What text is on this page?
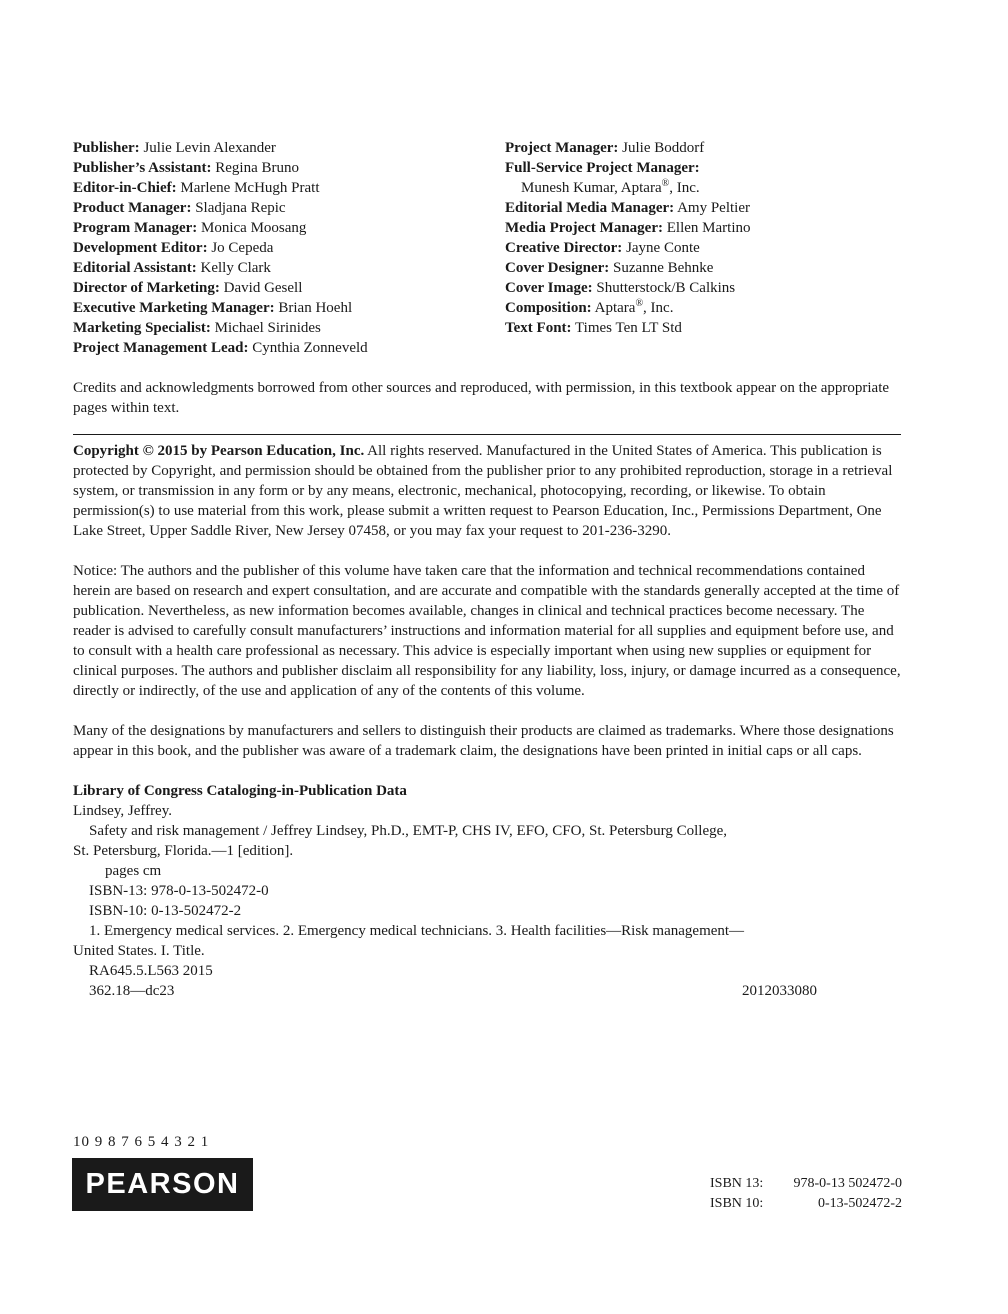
Publisher: Julie Levin Alexander
Publisher’s Assistant: Regina Bruno
Editor-in-Chief: Marlene McHugh Pratt
Product Manager: Sladjana Repic
Program Manager: Monica Moosang
Development Editor: Jo Cepeda
Editorial Assistant: Kelly Clark
Director of Marketing: David Gesell
Executive Marketing Manager: Brian Hoehl
Marketing Specialist: Michael Sirinides
Project Management Lead: Cynthia Zonneveld
Project Manager: Julie Boddorf
Full-Service Project Manager:
Munesh Kumar, Aptara®, Inc.
Editorial Media Manager: Amy Peltier
Media Project Manager: Ellen Martino
Creative Director: Jayne Conte
Cover Designer: Suzanne Behnke
Cover Image: Shutterstock/B Calkins
Composition: Aptara®, Inc.
Text Font: Times Ten LT Std

Credits and acknowledgments borrowed from other sources and reproduced, with permission, in this textbook appear on the appropriate pages within text.

Copyright © 2015 by Pearson Education, Inc. All rights reserved. Manufactured in the United States of America. This publication is protected by Copyright, and permission should be obtained from the publisher prior to any prohibited reproduction, storage in a retrieval system, or transmission in any form or by any means, electronic, mechanical, photocopying, recording, or likewise. To obtain permission(s) to use material from this work, please submit a written request to Pearson Education, Inc., Permissions Department, One Lake Street, Upper Saddle River, New Jersey 07458, or you may fax your request to 201-236-3290.

Notice: The authors and the publisher of this volume have taken care that the information and technical recommendations contained herein are based on research and expert consultation, and are accurate and compatible with the standards generally accepted at the time of publication. Nevertheless, as new information becomes available, changes in clinical and technical practices become necessary. The reader is advised to carefully consult manufacturers’ instructions and information material for all supplies and equipment before use, and to consult with a health care professional as necessary. This advice is especially important when using new supplies or equipment for clinical purposes. The authors and publisher disclaim all responsibility for any liability, loss, injury, or damage incurred as a consequence, directly or indirectly, of the use and application of any of the contents of this volume.

Many of the designations by manufacturers and sellers to distinguish their products are claimed as trademarks. Where those designations appear in this book, and the publisher was aware of a trademark claim, the designations have been printed in initial caps or all caps.

Library of Congress Cataloging-in-Publication Data
Lindsey, Jeffrey.
Safety and risk management / Jeffrey Lindsey, Ph.D., EMT-P, CHS IV, EFO, CFO, St. Petersburg College,
St. Petersburg, Florida.—1 [edition].
pages cm
ISBN-13: 978-0-13-502472-0
ISBN-10: 0-13-502472-2
1. Emergency medical services. 2. Emergency medical technicians. 3. Health facilities—Risk management—
United States. I. Title.
RA645.5.L563 2015
362.18—dc23	2012033080
10 9 8 7 6 5 4 3 2 1
PEARSON	ISBN 13: 978-0-13 502472-0
ISBN 10:	0-13-502472-2
